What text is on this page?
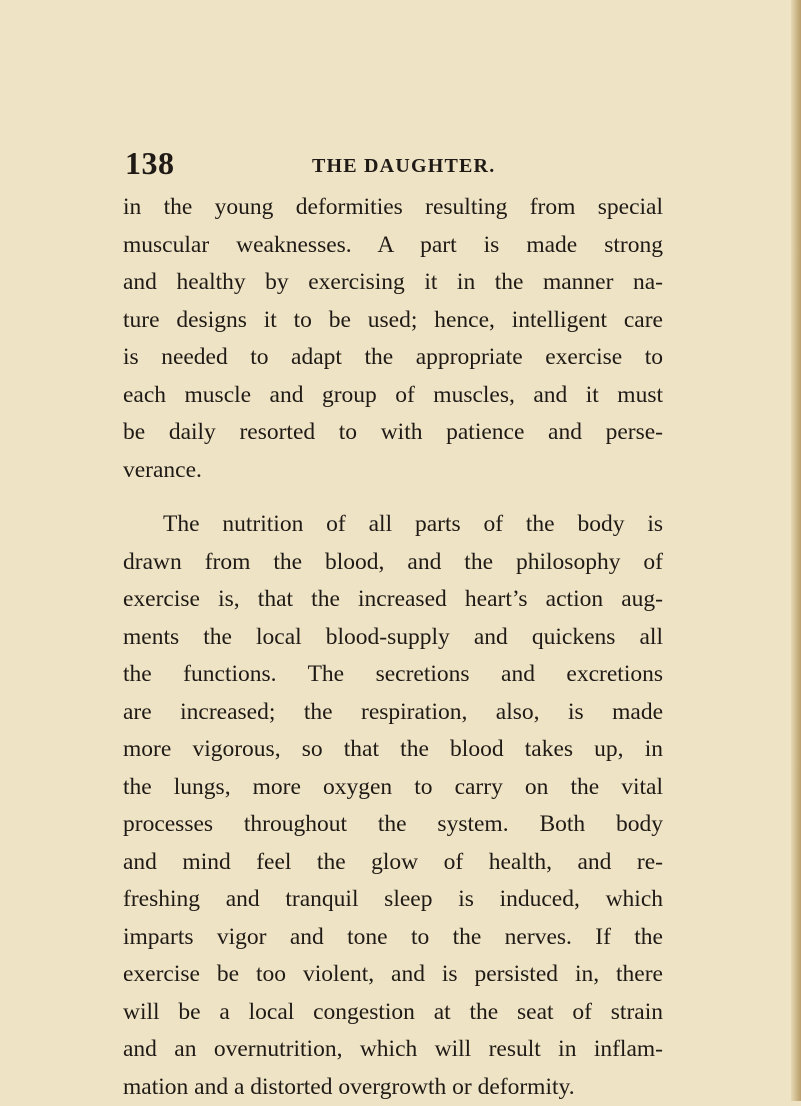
138	THE DAUGHTER.
in the young deformities resulting from special
muscular weaknesses. A part is made strong
and healthy by exercising it in the manner na-
ture designs it to be used; hence, intelligent care
is needed to adapt the appropriate exercise to
each muscle and group of muscles, and it must
be daily resorted to with patience and perse-
verance.
The nutrition of all parts of the body is
drawn from the blood, and the philosophy of
exercise is, that the increased heart’s action aug-
ments the local blood-supply and quickens all
the functions. The secretions and excretions
are increased; the respiration, also, is made
more vigorous, so that the blood takes up, in
the lungs, more oxygen to carry on the vital
processes throughout the system. Both body
and mind feel the glow of health, and re-
freshing and tranquil sleep is induced, which
imparts vigor and tone to the nerves. If the
exercise be too violent, and is persisted in, there
will be a local congestion at the seat of strain
and an overnutrition, which will result in inflam-
mation and a distorted overgrowth or deformity.
